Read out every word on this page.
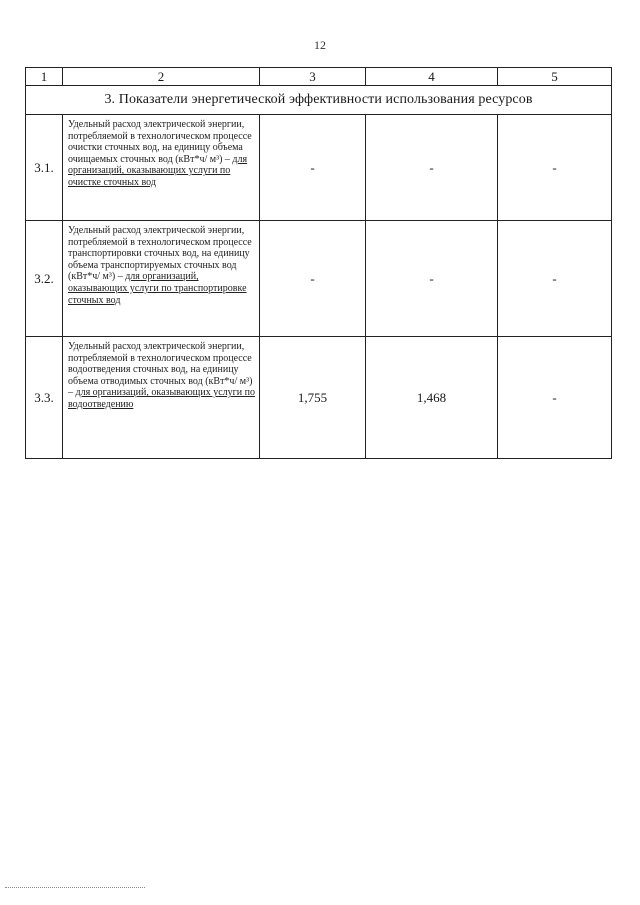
12
1	2	3	4	5
3. Показатели энергетической эффективности использования ресурсов				
3.1.	Удельный расход электрической энергии, потребляемой в технологическом процессе очистки сточных вод, на единицу объема очищаемых сточных вод (кВт*ч/ м³) – для организаций, оказывающих услуги по очистке сточных вод	-	-	-
3.2.	Удельный расход электрической энергии, потребляемой в технологическом процессе транспортировки сточных вод, на единицу объема транспортируемых сточных вод (кВт*ч/ м³) – для организаций, оказывающих услуги по транспортировке сточных вод	-	-	-
3.3.	Удельный расход электрической энергии, потребляемой в технологическом процессе водоотведения сточных вод, на единицу объема отводимых сточных вод (кВт*ч/ м³) – для организаций, оказывающих услуги по водоотведению	1,755	1,468	-
